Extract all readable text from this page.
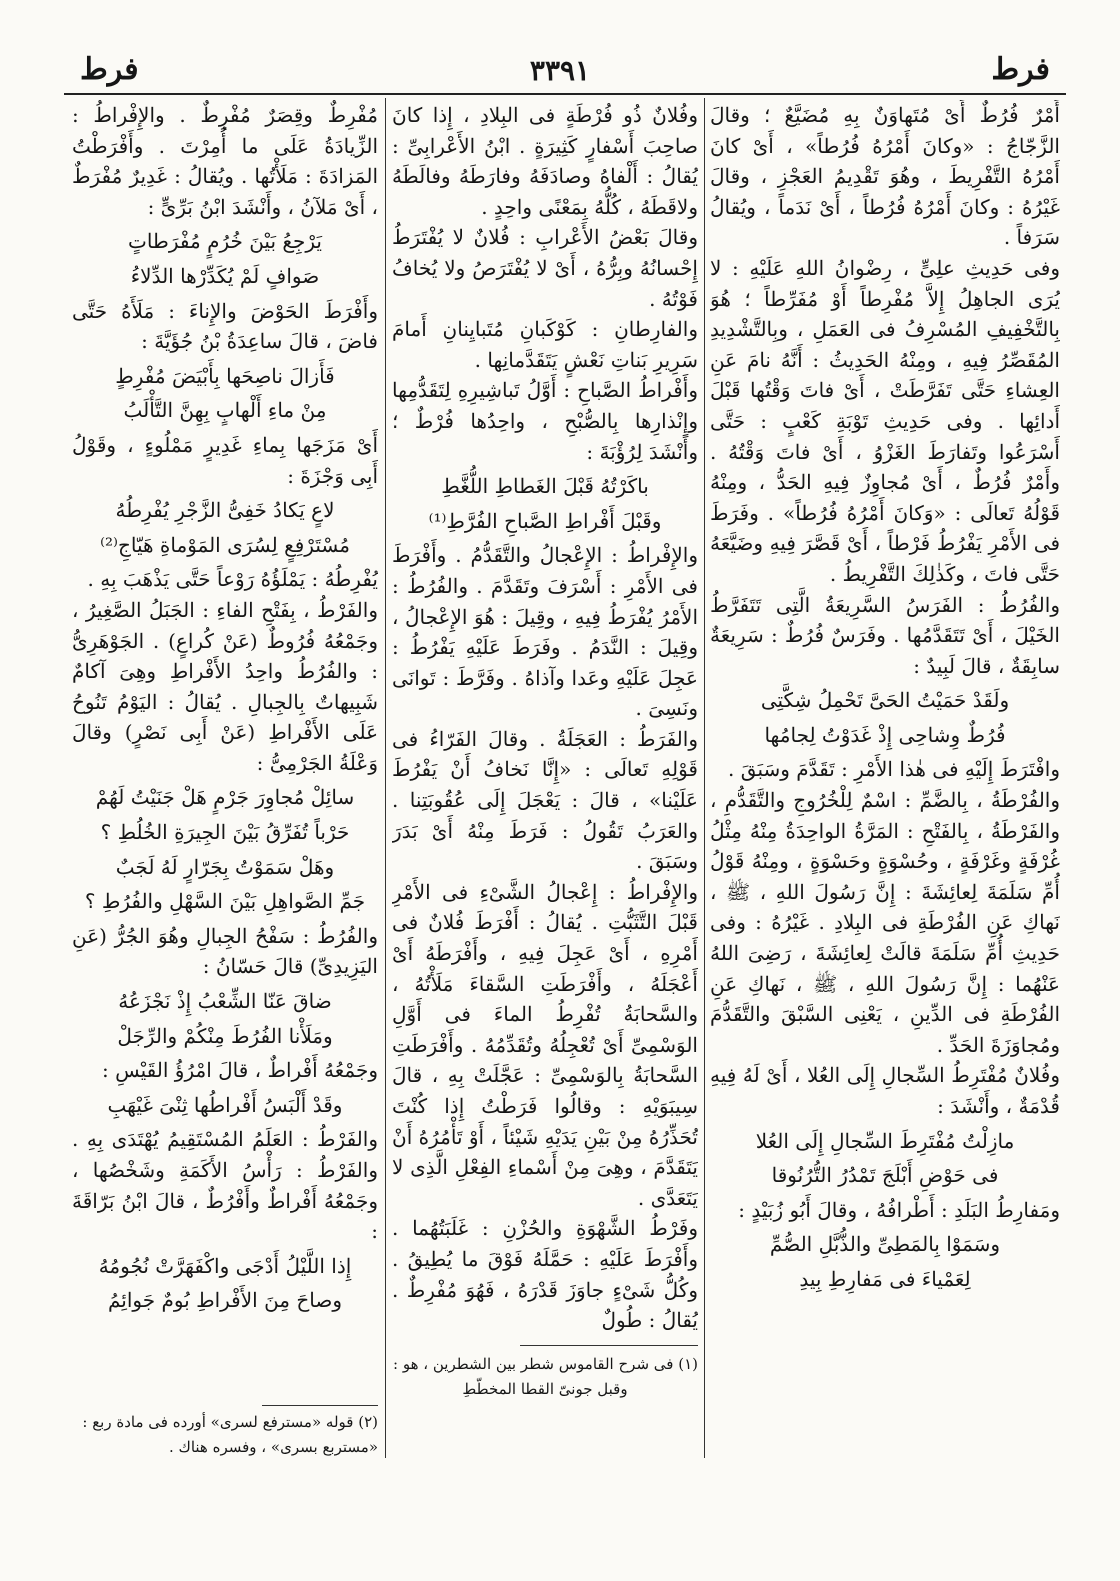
فرط	٣٣٩١	فرط

أَمْرٌ فُرُطٌ أَىْ مُتَهاوَنٌ بِهِ مُضَيَّعٌ ؛ وقالَ الزَّجّاجُ : «وكانَ أَمْرُهُ فُرُطاً» ، أَىْ كانَ أَمْرُهُ التَّفْرِيطَ ، وهُوَ تَقْدِيمُ العَجْزِ ، وقالَ غَيْرُهُ : وكانَ أَمْرُهُ فُرُطاً ، أَىْ نَدَماً ، ويُقالُ سَرَفاً .

وفى حَدِيثِ علِىٍّ ، رِضْوانُ اللهِ عَلَيْهِ : لا يُرَى الجاهِلُ إِلاَّ مُفْرِطاً أَوْ مُفَرِّطاً ؛ هُوَ بِالتَّخْفِيفِ المُسْرِفُ فى العَمَلِ ، وبِالتَّشْدِيدِ المُقَصِّرُ فِيهِ ، ومِنْهُ الحَدِيثُ : أَنَّهُ نامَ عَنِ العِشاءِ حَتَّى تَفَرَّطَتْ ، أَىْ فاتَ وَقْتُها قَبْلَ أَدائِها . وفى حَدِيثِ تَوْبَةِ كَعْبٍ : حَتَّى أَسْرَعُوا وتَفارَطَ الغَزْوُ ، أَىْ فاتَ وَقْتُهُ . وأَمْرٌ فُرُطٌ ، أَىْ مُجاوِزٌ فِيهِ الحَدُّ ، ومِنْهُ قَوْلُهُ تَعالَى : «وَكانَ أَمْرُهُ فُرُطاً» . وفَرَطَ فى الأَمْرِ يَفْرُطُ فَرْطاً ، أَىْ قَصَّرَ فِيهِ وضَيَّعَهُ حَتَّى فاتَ ، وكَذٰلِكَ التَّفْرِيطُ .

والفُرُطُ : الفَرَسُ السَّرِيعَةُ الَّتِى تَتَفَرَّطُ الخَيْلَ ، أَىْ تَتَقَدَّمُها . وفَرَسٌ فُرُطٌ : سَرِيعَةٌ سابِقَةٌ ، قالَ لَبِيدٌ :

ولَقَدْ حَمَيْتُ الحَىَّ تَحْمِلُ شِكَّتِى

فُرُطٌ وِشاحِى إِذْ غَدَوْتُ لِجامُها

وافْتَرَطَ إِلَيْهِ فى هٰذا الأَمْرِ : تَقَدَّمَ وسَبَقَ .

والفُرْطَةُ ، بِالضَّمِّ : اسْمٌ لِلْخُرُوجِ والتَّقَدُّمِ ، والفَرْطَةُ ، بِالفَتْحِ : المَرَّةُ الواحِدَةُ مِنْهُ مِثْلُ غُرْفَةٍ وغَرْفَةٍ ، وحُسْوَةٍ وحَسْوَةٍ ، ومِنْهُ قَوْلُ أُمِّ سَلَمَةَ لِعائِشَةَ : إِنَّ رَسُولَ اللهِ ، ﷺ ، نَهاكِ عَنِ الفُرْطَةِ فى البِلادِ . غَيْرُهُ : وفى حَدِيثِ أُمِّ سَلَمَةَ قالَتْ لِعائِشَةَ ، رَضِىَ اللهُ عَنْهُما : إِنَّ رَسُولَ اللهِ ، ﷺ ، نَهاكِ عَنِ الفُرْطَةِ فى الدِّينِ ، يَعْنِى السَّبْقَ والتَّقَدُّمَ ومُجاوَزَةَ الحَدِّ .

وفُلانٌ مُفْتَرِطُ السِّجالِ إِلَى العُلا ، أَىْ لَهُ فِيهِ قُدْمَةٌ ، وأَنْشَدَ :

مازِلْتُ مُفْتَرِطَ السِّجالِ إِلَى العُلا

فى حَوْضِ أَبْلَجَ تَمْدُرُ التُّرُنُوقا

ومَفارِطُ البَلَدِ : أَطْرافُهُ ، وقالَ أَبُو زُبَيْدٍ :

وسَمَوْا بِالمَطِىِّ والذُّبَّلِ الصُّمِّ

لِعَمْياءَ فى مَفارِطِ بِيدِ

وفُلانٌ ذُو فُرْطَةٍ فى البِلادِ ، إِذا كانَ صاحِبَ أَسْفارٍ كَثِيرَةٍ . ابْنُ الأَعْرابِىِّ : يُقالُ : أَلْفاهُ وصادَفَهُ وفارَطَهُ وفالَطَهُ ولاقَطَهُ ، كُلُّهُ بِمَعْنًى واحِدٍ .

وقالَ بَعْضُ الأَعْرابِ : فُلانٌ لا يُفْتَرَطُ إِحْسانُهُ وبِرُّهُ ، أَىْ لا يُفْتَرَصُ ولا يُخافُ فَوْتُهُ .

والفارِطانِ : كَوْكَبانِ مُتَبايِنانِ أَمامَ سَرِيرِ بَناتِ نَعْشٍ يَتَقَدَّمانِها .

وأَفْراطُ الصَّباحِ : أَوَّلُ تَباشِيرِهِ لِتَقَدُّمِها وإِنْذارِها بِالصُّبْحِ ، واحِدُها فُرْطٌ ؛ وأَنْشَدَ لِرُؤْبَةَ :

باكَرْتُهُ قَبْلَ الغَطاطِ اللُّغَّطِ

وقَبْلَ أَفْراطِ الصَّباحِ الفُرَّطِ⁽¹⁾

والإِفْراطُ : الإِعْجالُ والتَّقَدُّمُ . وأَفْرَطَ فى الأَمْرِ : أَسْرَفَ وتَقَدَّمَ . والفُرُطُ : الأَمْرُ يُفْرَطُ فِيهِ ، وقِيلَ : هُوَ الإِعْجالُ ، وقِيلَ : النَّدَمُ . وفَرَطَ عَلَيْهِ يَفْرُطُ : عَجِلَ عَلَيْهِ وعَدا وآذاهُ . وفَرَّطَ : تَوانَى ونَسِىَ .

والفَرَطُ : العَجَلَةُ . وقالَ الفَرّاءُ فى قَوْلِهِ تَعالَى : «إِنَّا نَخافُ أَنْ يَفْرُطَ عَلَيْنا» ، قالَ : يَعْجَلَ إِلَى عُقُوبَتِنا . والعَرَبُ تَقُولُ : فَرَطَ مِنْهُ أَىْ بَدَرَ وسَبَقَ .

والإِفْراطُ : إِعْجالُ الشَّىْءِ فى الأَمْرِ قَبْلَ التَّثَبُّتِ . يُقالُ : أَفْرَطَ فُلانٌ فى أَمْرِهِ ، أَىْ عَجِلَ فِيهِ ، وأَفْرَطَهُ أَىْ أَعْجَلَهُ ، وأَفْرَطَتِ السَّقاءَ مَلَأْتُهُ ، والسَّحابَةُ تُفْرِطُ الماءَ فى أَوَّلِ الوَسْمِىِّ أَىْ تُعْجِلُهُ وتُقَدِّمُهُ . وأَفْرَطَتِ السَّحابَةُ بِالوَسْمِىِّ : عَجَّلَتْ بِهِ ، قالَ سِيبَوَيْهِ : وقالُوا فَرَطْتُ إِذا كُنْتَ تُحَذِّرُهُ مِنْ بَيْنِ يَدَيْهِ شَيْئاً ، أَوْ تَأْمُرُهُ أَنْ يَتَقَدَّمَ ، وهِىَ مِنْ أَسْماءِ الفِعْلِ الَّذِى لا يَتَعَدَّى .

وفَرْطُ الشَّهْوَةِ والحُزْنِ : غَلَبَتُهُما . وأَفْرَطَ عَلَيْهِ : حَمَّلَهُ فَوْقَ ما يُطِيقُ . وكُلُّ شَىْءٍ جاوَزَ قَدْرَهُ ، فَهُوَ مُفْرِطٌ . يُقالُ : طُولٌ

مُفْرِطٌ وقِصَرٌ مُفْرِطٌ . والإِفْراطُ : الزِّيادَةُ عَلَى ما أُمِرْتَ . وأَفْرَطْتُ المَزادَةَ : مَلَأْتُها . ويُقالُ : غَدِيرٌ مُفْرَطٌ ، أَىْ مَلآنُ ، وأَنْشَدَ ابْنُ بَرِّىٍّ :

يَرْجِعُ بَيْنَ خُرُمٍ مُفْرَطاتٍ

صَوافٍ لَمْ يُكَدِّرْها الدِّلاءُ

وأَفْرَطَ الحَوْضَ والإِناءَ : مَلَأَهُ حَتَّى فاضَ ، قالَ ساعِدَةُ بْنُ جُؤَيَّةَ :

فَأَزالَ ناصِحَها بِأَبْيَضَ مُفْرِطٍ

مِنْ ماءِ أَلْهابٍ بِهِنَّ التَّأْلَبُ

أَىْ مَزَجَها بِماءِ غَدِيرٍ مَمْلُوءٍ ، وقَوْلُ أَبِى وَجْزَةَ :

لاعٍ يَكادُ خَفِىُّ الزَّجْرِ يُفْرِطُهُ

مُسْتَرْفِعٍ لِسُرَى المَوْماةِ هَيّاجِ⁽²⁾

يُفْرِطُهُ : يَمْلَؤُهُ رَوْعاً حَتَّى يَذْهَبَ بِهِ .

والفَرْطُ ، بِفَتْحِ الفاءِ : الجَبَلُ الصَّغِيرُ ، وجَمْعُهُ فُرُوطٌ (عَنْ كُراعٍ) . الجَوْهَرِىُّ : والفُرُطُ واحِدُ الأَفْراطِ وهِىَ آكامٌ شَبِيهاتٌ بِالجِبالِ . يُقالُ : اليَوْمُ تَنُوحُ عَلَى الأَفْراطِ (عَنْ أَبِى نَصْرٍ) وقالَ وَعْلَةُ الجَرْمِىُّ :

سائِلْ مُجاوِرَ جَرْمٍ هَلْ جَنَيْتُ لَهُمْ

حَرْباً تُفَرِّقُ بَيْنَ الجِيرَةِ الخُلُطِ ؟

وهَلْ سَمَوْتُ بِجَرّارٍ لَهُ لَجَبٌ

جَمِّ الصَّواهِلِ بَيْنَ السَّهْلِ والفُرُطِ ؟

والفُرُطُ : سَفْحُ الجِبالِ وهُوَ الجُرُّ (عَنِ اليَزِيدِىِّ) قالَ حَسّانُ :

ضاقَ عَنّا الشِّعْبُ إِذْ نَجْزَعُهُ

ومَلَأْنا الفُرُطَ مِنْكُمْ والرِّجَلْ

وجَمْعُهُ أَفْراطٌ ، قالَ امْرُؤُ القَيْسِ :

وقَدْ أَلْبَسُ أَفْراطُها ثِنْىَ غَيْهَبِ

والفَرْطُ : العَلَمُ المُسْتَقِيمُ يُهْتَدَى بِهِ . والفَرْطُ : رَأْسُ الأَكَمَةِ وشَخْصُها ، وجَمْعُهُ أَفْراطٌ وأَفْرُطٌ ، قالَ ابْنُ بَرّاقَةَ :

إِذا اللَّيْلُ أَدْجَى واكْفَهَرَّتْ نُجُومُهُ

وصاحَ مِنَ الأَفْراطِ بُومٌ جَوائِمُ

(١) فى شرح القاموس شطر بين الشطرين ، هو :

وقبل جونىّ القطا المخطّطِ

(٢) قوله «مسترفع لسرى» أورده فى مادة ربع : «مستربع بسرى» ، وفسره هناك .
